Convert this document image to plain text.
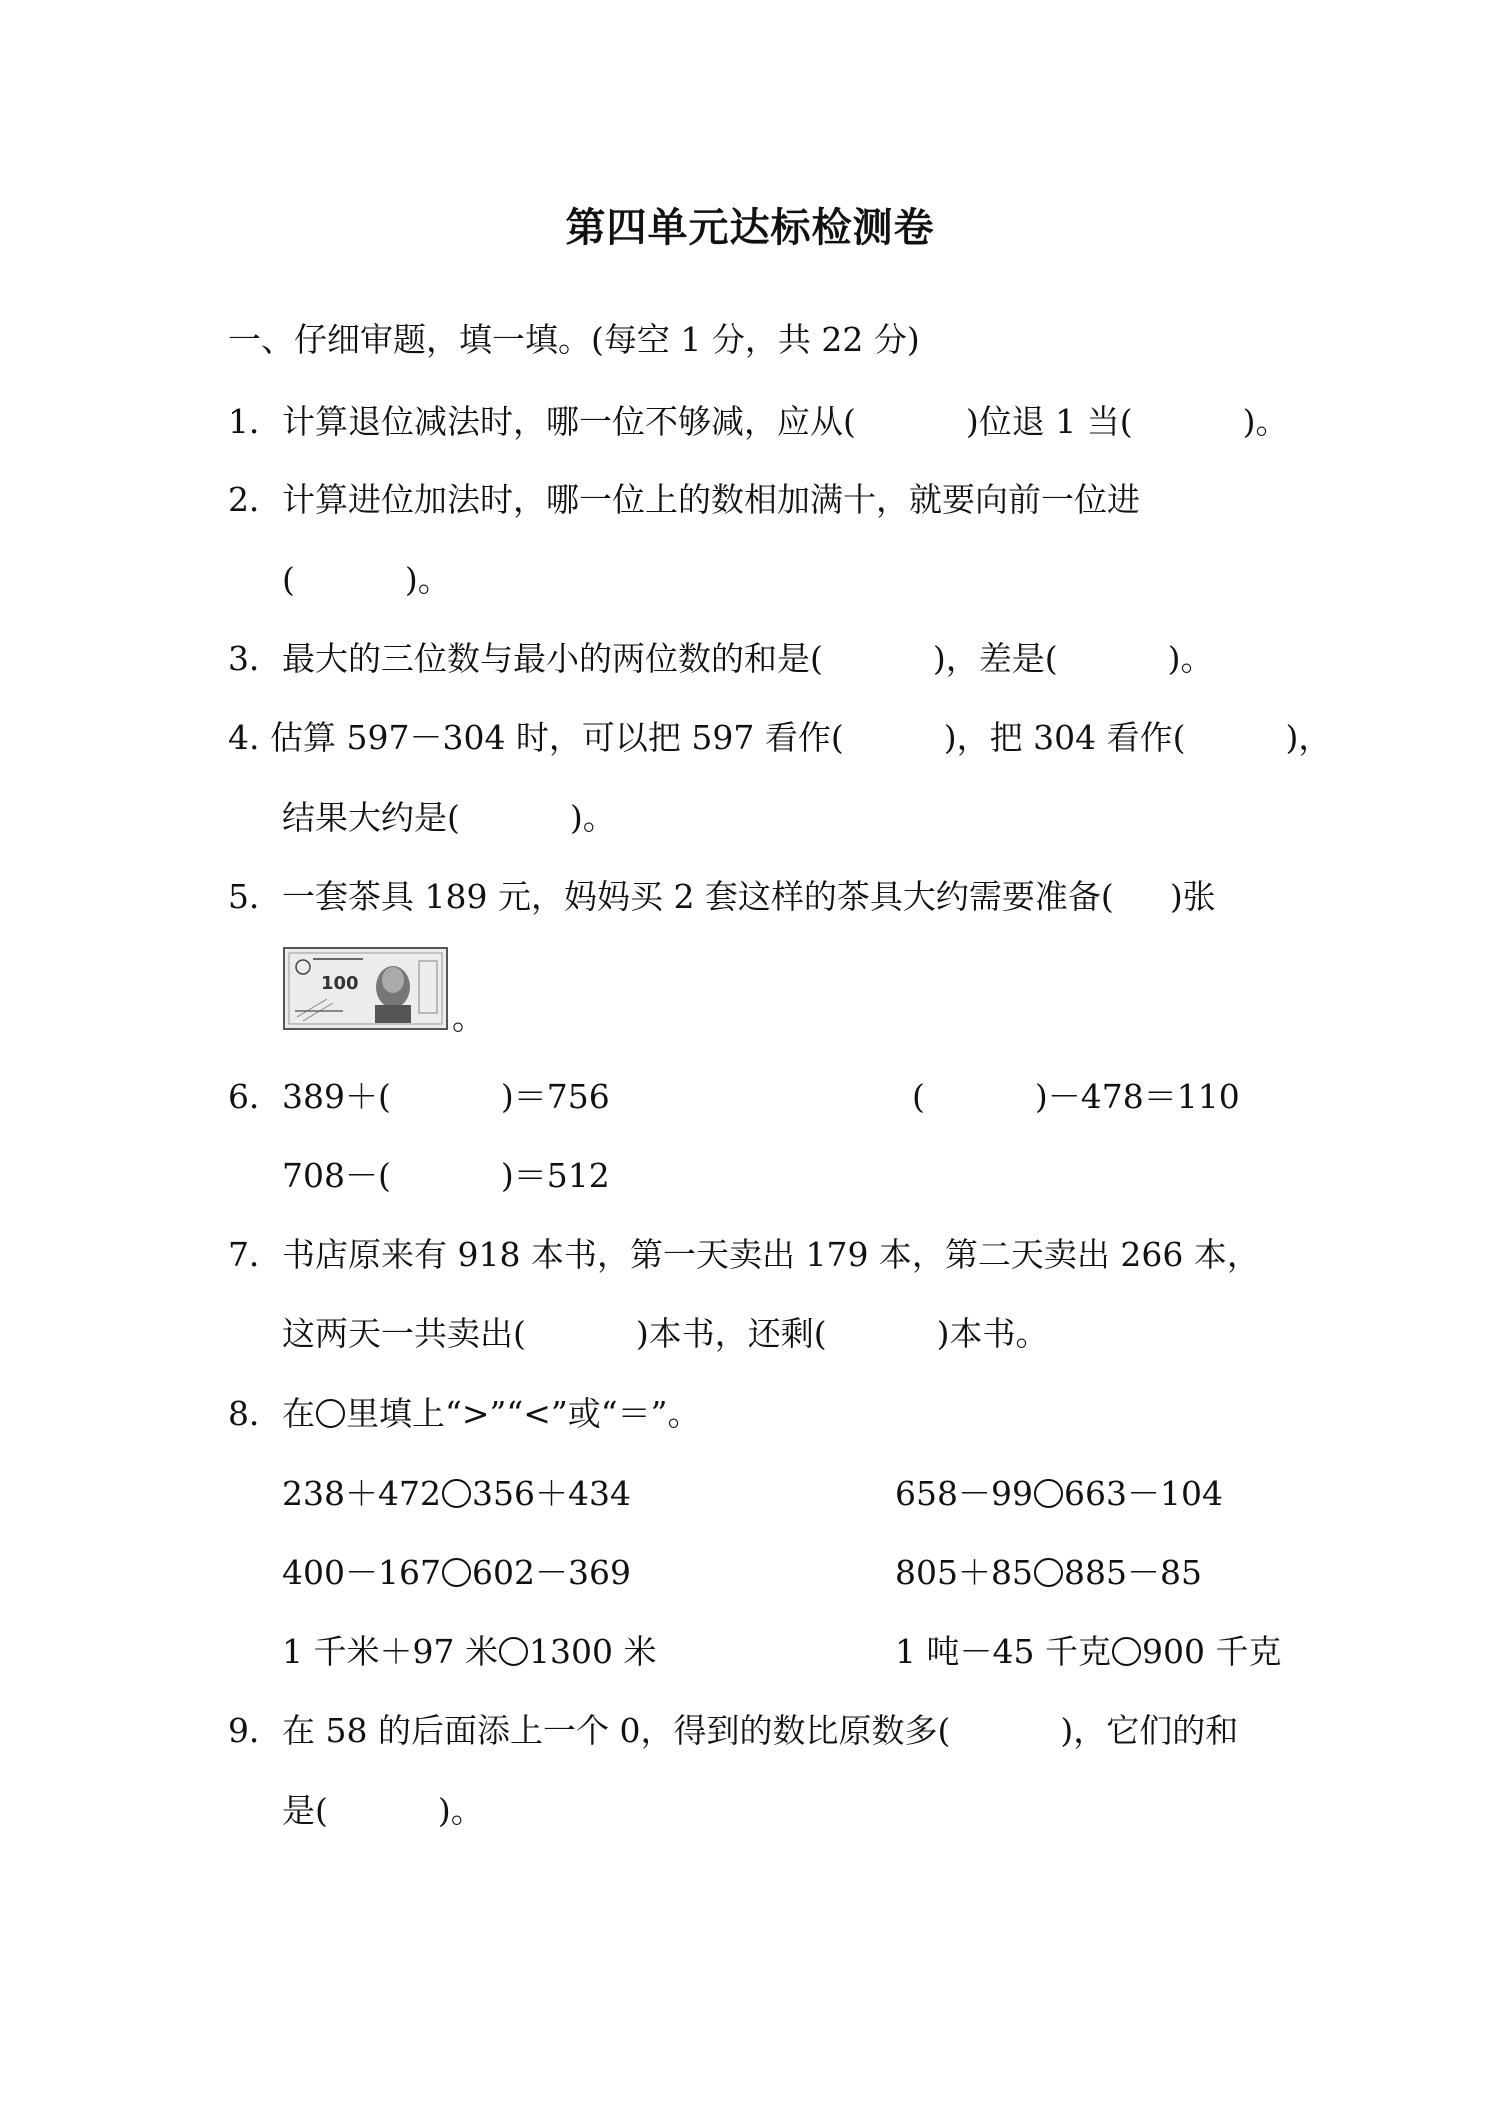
第四单元达标检测卷
一、仔细审题，填一填。(每空 1 分，共 22 分)
1．计算退位减法时，哪一位不够减，应从(	)位退 1 当(	)。
2．计算进位加法时，哪一位上的数相加满十，就要向前一位进
(	)。
3．最大的三位数与最小的两位数的和是(	)，差是(	)。
4. 估算 597－304 时，可以把 597 看作(	)，把 304 看作(	)，
结果大约是(	)。
5．一套茶具 189 元，妈妈买 2 套这样的茶具大约需要准备( )张
100
。
6．389＋(	)＝756	(	)－478＝110
708－(	)＝512
7．书店原来有 918 本书，第一天卖出 179 本，第二天卖出 266 本，
这两天一共卖出(	)本书，还剩(	)本书。
8．在 里填上“>”“<”或“＝”。
238＋472 356＋434	658－99 663－104
400－167 602－369	805＋85 885－85
1 千米＋97 米 1300 米	1 吨－45 千克 900 千克
9．在 58 的后面添上一个 0，得到的数比原数多(	)，它们的和
是(	)。
